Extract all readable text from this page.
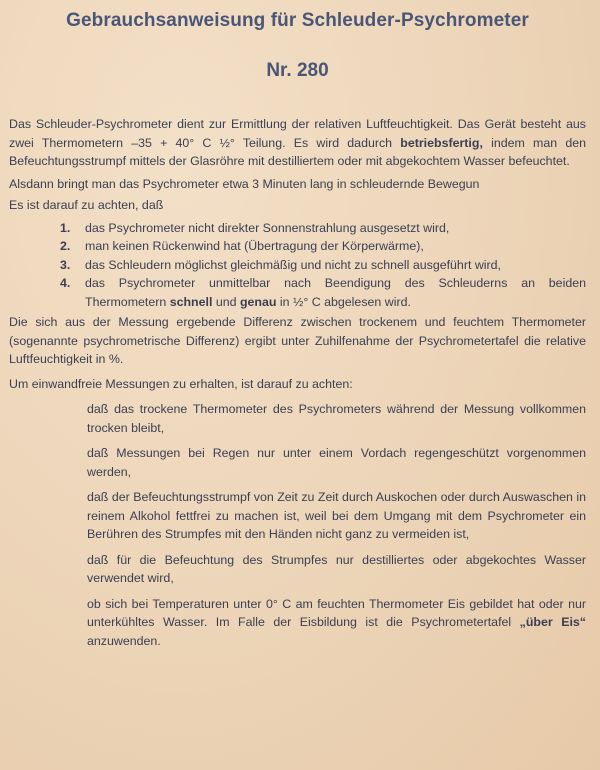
Gebrauchsanweisung für Schleuder-Psychrometer
Nr. 280

Das Schleuder-Psychrometer dient zur Ermittlung der relativen Luftfeuchtigkeit. Das Gerät besteht aus zwei Thermometern –35 + 40° C ½° Teilung. Es wird dadurch betriebsfertig, indem man den Befeuchtungsstrumpf mittels der Glasröhre mit destilliertem oder mit abgekochtem Wasser befeuchtet.

Alsdann bringt man das Psychrometer etwa 3 Minuten lang in schleudernde Bewegun

Es ist darauf zu achten, daß

1. das Psychrometer nicht direkter Sonnenstrahlung ausgesetzt wird,
2. man keinen Rückenwind hat (Übertragung der Körperwärme),
3. das Schleudern möglichst gleichmäßig und nicht zu schnell ausgeführt wird,
4. das Psychrometer unmittelbar nach Beendigung des Schleuderns an beiden Thermometern schnell und genau in ½° C abgelesen wird.

Die sich aus der Messung ergebende Differenz zwischen trockenem und feuchtem Thermometer (sogenannte psychrometrische Differenz) ergibt unter Zuhilfenahme der Psychrometertafel die relative Luftfeuchtigkeit in %.

Um einwandfreie Messungen zu erhalten, ist darauf zu achten:

daß das trockene Thermometer des Psychrometers während der Messung vollkommen trocken bleibt,
daß Messungen bei Regen nur unter einem Vordach regengeschützt vorgenommen werden,
daß der Befeuchtungsstrumpf von Zeit zu Zeit durch Auskochen oder durch Auswaschen in reinem Alkohol fettfrei zu machen ist, weil bei dem Umgang mit dem Psychrometer ein Berühren des Strumpfes mit den Händen nicht ganz zu vermeiden ist,
daß für die Befeuchtung des Strumpfes nur destilliertes oder abgekochtes Wasser verwendet wird,
ob sich bei Temperaturen unter 0° C am feuchten Thermometer Eis gebildet hat oder nur unterkühltes Wasser. Im Falle der Eisbildung ist die Psychrometertafel „über Eis“ anzuwenden.
